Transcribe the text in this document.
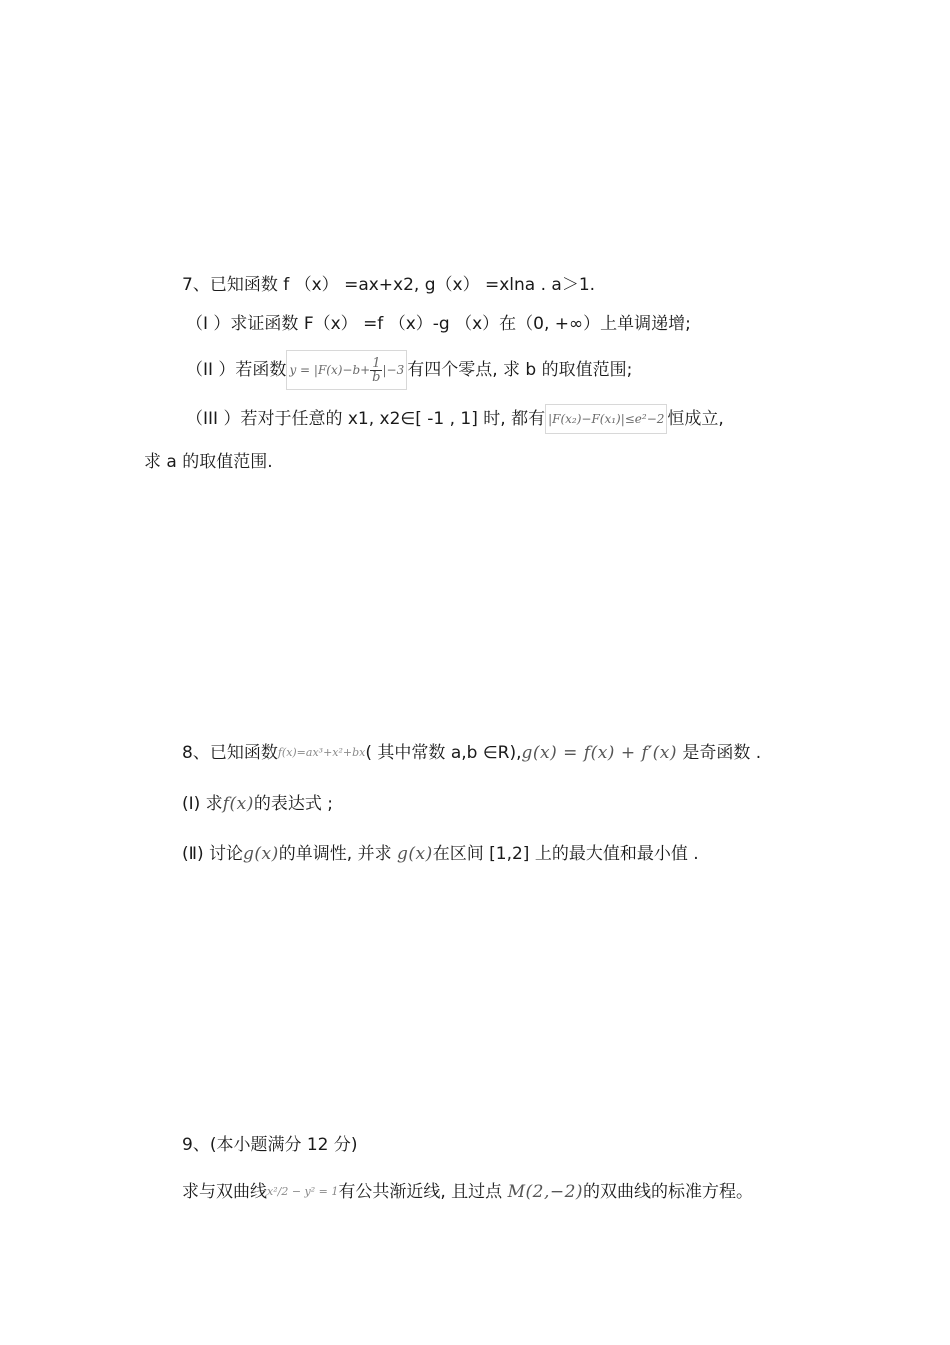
7、已知函数 f （x） =ax+x2, g（x） =xlna . a＞1.
（I ）求证函数 F（x） =f （x）-g （x）在（0, +∞）上单调递增;
（II ）若函数 $y = |F(x)-b+ \frac{1}{b} |-3$ 有四个零点, 求 b 的取值范围;
（III ）若对于任意的 x1, x2∈[ -1 , 1] 时, 都有 |F(x₂)−F(x₁)|≤e²−2 恒成立,
求 a 的取值范围.
8、已知函数f(x)=ax³+x²+bx( 其中常数 a,b ∈R),g(x) = f(x) + f′(x) 是奇函数 .
(Ⅰ) 求f(x)的表达式 ;
(Ⅱ) 讨论g(x)的单调性, 并求 g(x)在区间 [1,2] 上的最大值和最小值 .
9、(本小题满分 12 分)
求与双曲线x²/2 − y² = 1有公共渐近线, 且过点 M(2,−2)的双曲线的标准方程。
